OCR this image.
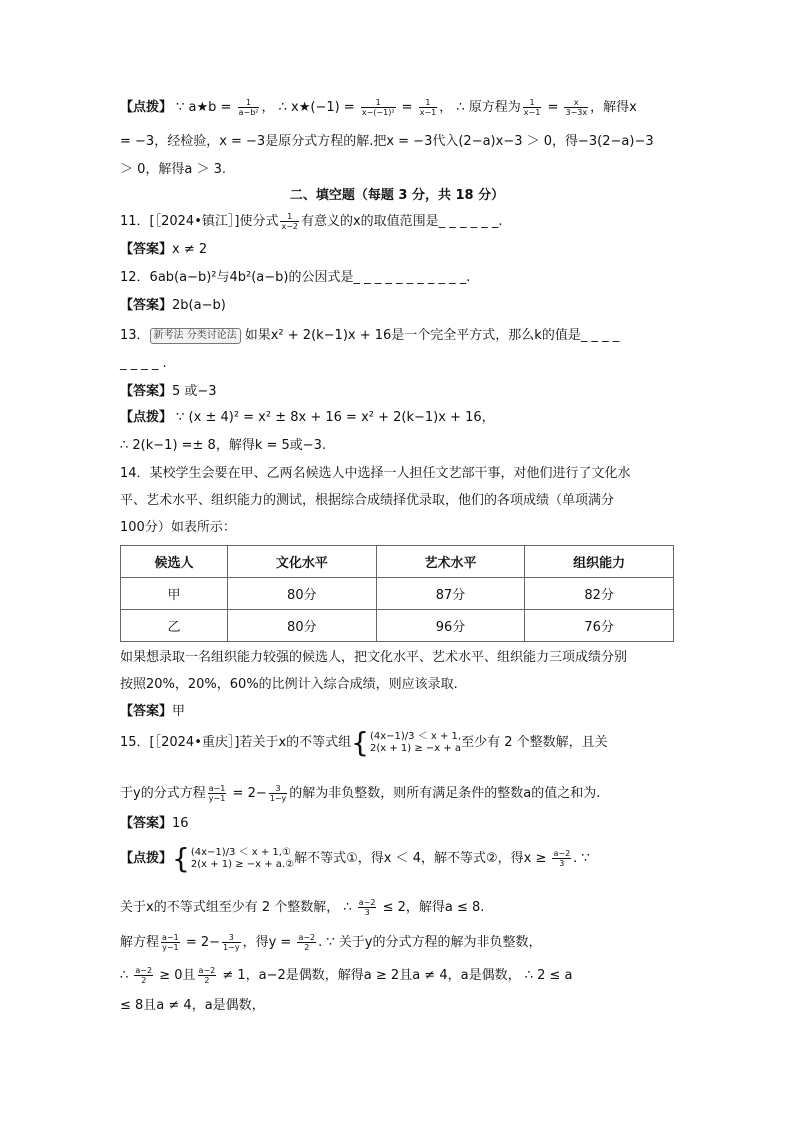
【点拨】 ∵ a★b = $\frac{1}{\text{a−b²}}$ ， ∴ x★(−1) = $\frac{1}{\text{x−(−1)²}} = \frac{1}{x-1}$ ， ∴ 原方程为 $\frac{1}{x-1} = \frac{x}{3-3x}$ ，解得x
= −3，经检验，x = −3是原分式方程的解.把x = −3代入(2−a)x−3 ＞ 0，得−3(2−a)−3
＞ 0，解得a ＞ 3.
二、填空题（每题 3 分，共 18 分）
11．[［2024•镇江］]使分式 $\frac{1}{x-2}$ 有意义的x的取值范围是_ _ _ _ _ _.
【答案】x ≠ 2
12．6ab(a−b)²与4b²(a−b)的公因式是_ _ _ _ _ _ _ _ _ _ _.
【答案】2b(a−b)
13． 新考法 分类讨论法 如果x² + 2(k−1)x + 16是一个完全平方式，那么k的值是_ _ _ _
_ _ _ _ .
【答案】5 或−3
【点拨】 ∵ (x ± 4)² = x² ± 8x + 16 = x² + 2(k−1)x + 16，
∴ 2(k−1) =± 8，解得k = 5或−3.
14．某校学生会要在甲、乙两名候选人中选择一人担任文艺部干事，对他们进行了文化水
平、艺术水平、组织能力的测试，根据综合成绩择优录取，他们的各项成绩（单项满分
100分）如表所示：
候选人	文化水平	艺术水平	组织能力
甲	80分	87分	82分
乙	80分	96分	76分
如果想录取一名组织能力较强的候选人，把文化水平、艺术水平、组织能力三项成绩分别
按照20%，20%，60%的比例计入综合成绩，则应该录取.
【答案】甲
15．[［2024•重庆］]若关于x的不等式组{ (4x−1)/3 ＜ x + 1,
2(x + 1) ≥ −x + a 至少有 2 个整数解，且关
于y的分式方程 $\frac{a-1}{y-1} = 2- \frac{3}{1-y}$ 的解为非负整数，则所有满足条件的整数a的值之和为.
【答案】16
【点拨】{ (4x−1)/3 ＜ x + 1,①
2(x + 1) ≥ −x + a.② 解不等式①，得x ＜ 4，解不等式②，得$x \ge \frac{a-2}{3}$ . ∵
关于x的不等式组至少有 2 个整数解， ∴ $\frac{a-2}{3} \le 2$，解得a ≤ 8.
解方程 $\frac{a-1}{y-1} = 2- \frac{3}{1-y}$ ，得$y = \frac{a-2}{2}$ . ∵ 关于y的分式方程的解为非负整数，
∴ $\frac{a-2}{2} \ge 0$且 $\frac{a-2}{2} \ne 1$，a−2是偶数，解得a ≥ 2且a ≠ 4，a是偶数， ∴ 2 ≤ a
≤ 8且a ≠ 4，a是偶数，
